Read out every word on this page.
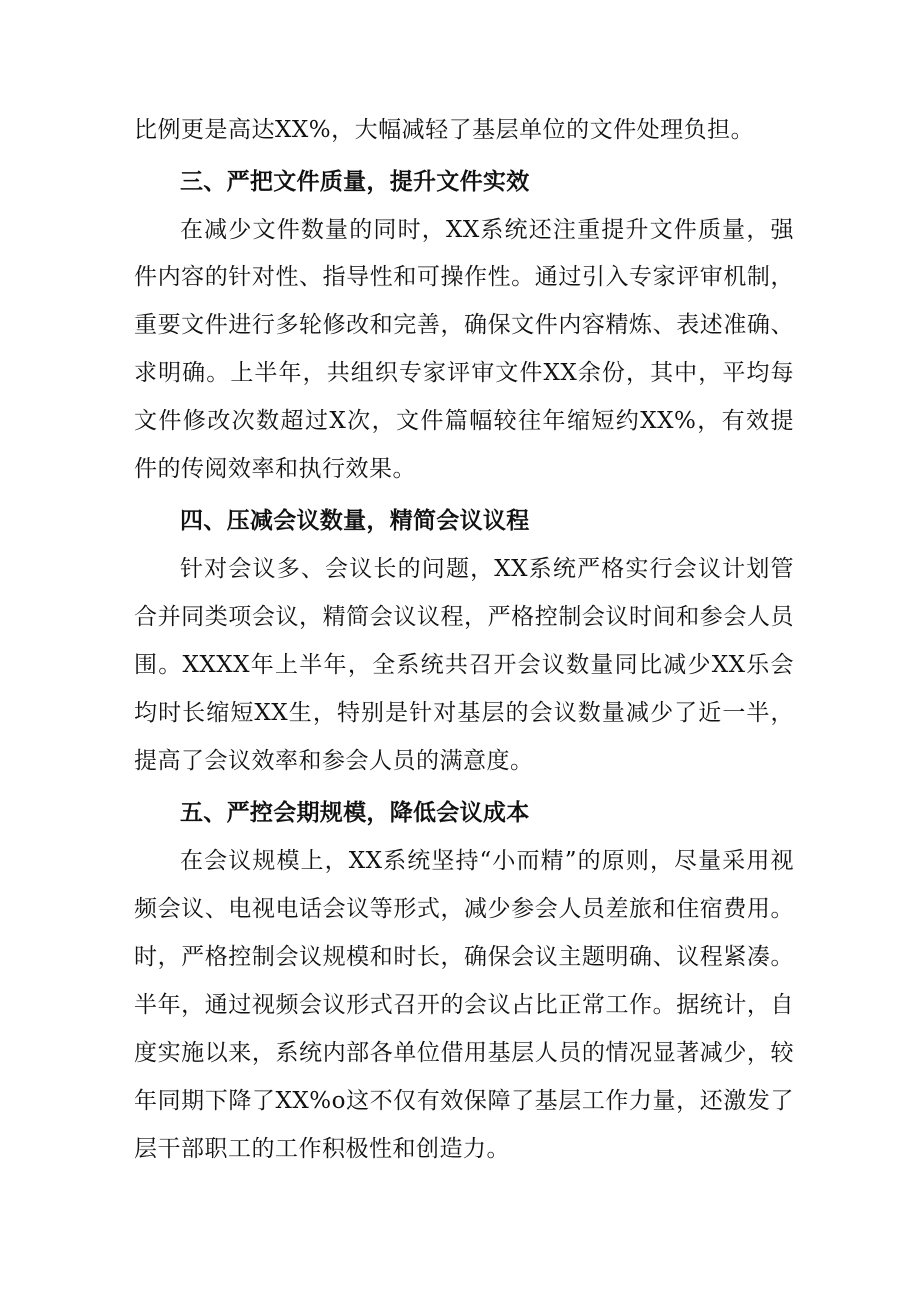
比例更是高达XX%，大幅减轻了基层单位的文件处理负担。
三、严把文件质量，提升文件实效
在减少文件数量的同时，XX系统还注重提升文件质量，强
件内容的针对性、指导性和可操作性。通过引入专家评审机制，
重要文件进行多轮修改和完善，确保文件内容精炼、表述准确、
求明确。上半年，共组织专家评审文件XX余份，其中，平均每
文件修改次数超过X次，文件篇幅较往年缩短约XX%，有效提
件的传阅效率和执行效果。
四、压减会议数量，精简会议议程
针对会议多、会议长的问题，XX系统严格实行会议计划管
合并同类项会议，精简会议议程，严格控制会议时间和参会人员
围。XXXX年上半年，全系统共召开会议数量同比减少XX乐会
均时长缩短XX生，特别是针对基层的会议数量减少了近一半，
提高了会议效率和参会人员的满意度。
五、严控会期规模，降低会议成本
在会议规模上，XX系统坚持“小而精”的原则，尽量采用视
频会议、电视电话会议等形式，减少参会人员差旅和住宿费用。
时，严格控制会议规模和时长，确保会议主题明确、议程紧凑。
半年，通过视频会议形式召开的会议占比正常工作。据统计，自
度实施以来，系统内部各单位借用基层人员的情况显著减少，较
年同期下降了XX%o这不仅有效保障了基层工作力量，还激发了
层干部职工的工作积极性和创造力。
